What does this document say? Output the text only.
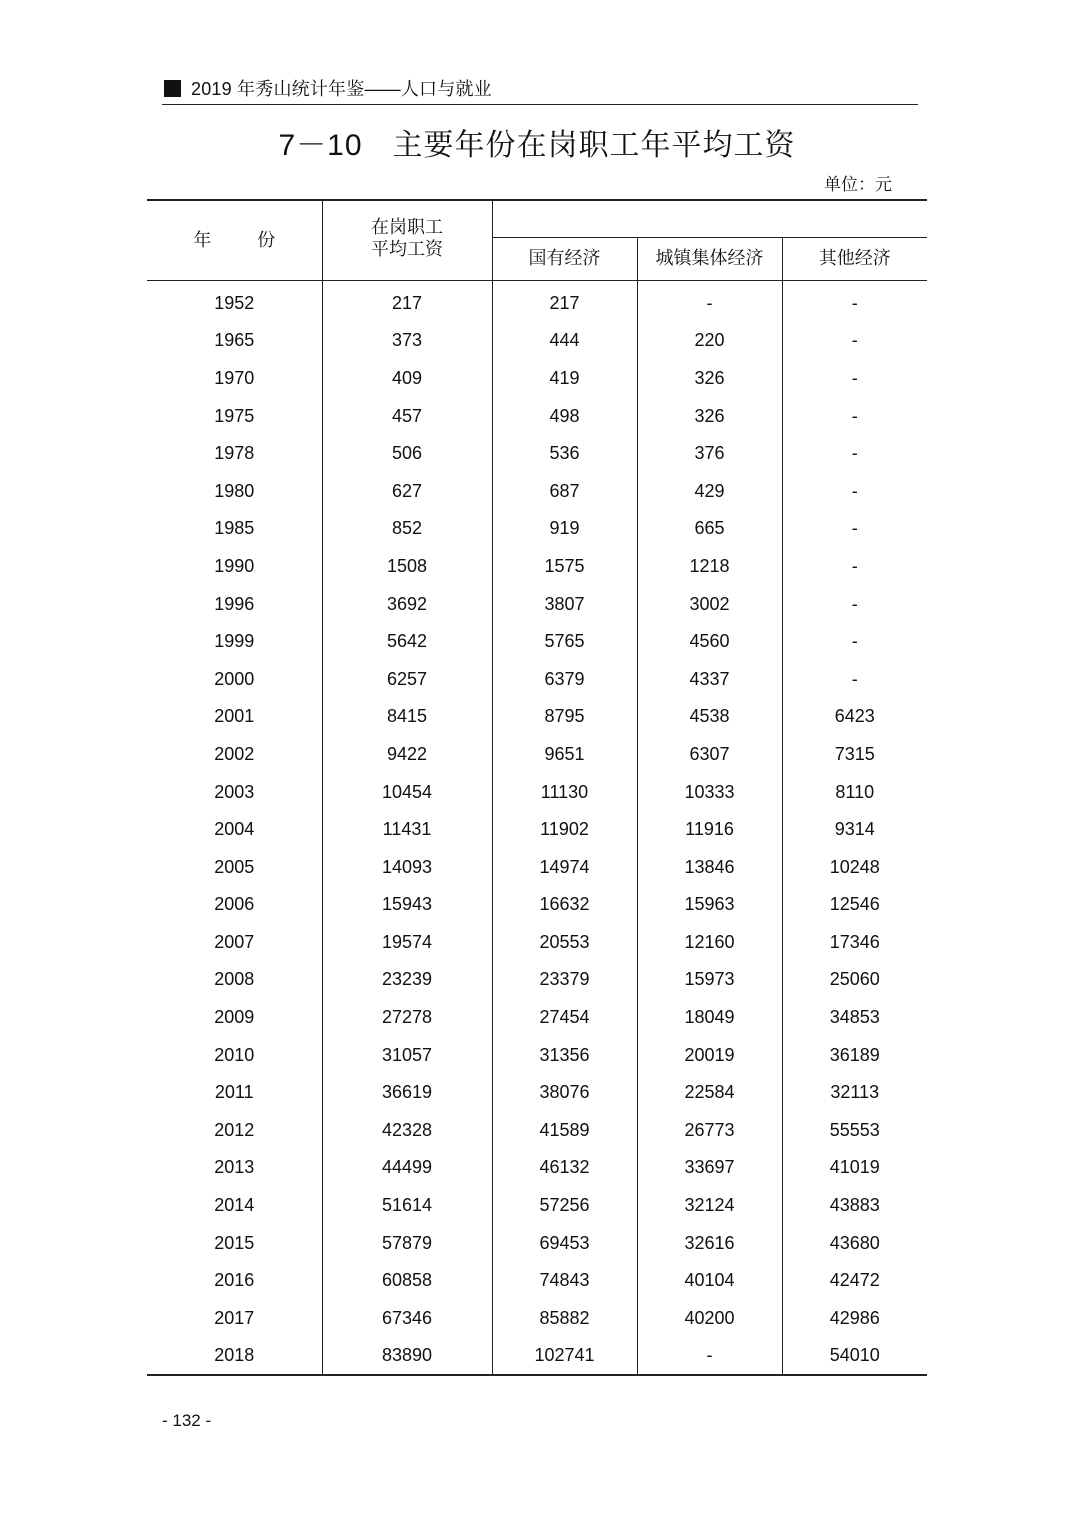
2019 年秀山统计年鉴——人口与就业
7－10 主要年份在岗职工年平均工资
单位：元
年 份	在岗职工
平均工资			

		国有经济	城镇集体经济	其他经济
1952	217	217	-	-
1965	373	444	220	-
1970	409	419	326	-
1975	457	498	326	-
1978	506	536	376	-
1980	627	687	429	-
1985	852	919	665	-
1990	1508	1575	1218	-
1996	3692	3807	3002	-
1999	5642	5765	4560	-
2000	6257	6379	4337	-
2001	8415	8795	4538	6423
2002	9422	9651	6307	7315
2003	10454	11130	10333	8110
2004	11431	11902	11916	9314
2005	14093	14974	13846	10248
2006	15943	16632	15963	12546
2007	19574	20553	12160	17346
2008	23239	23379	15973	25060
2009	27278	27454	18049	34853
2010	31057	31356	20019	36189
2011	36619	38076	22584	32113
2012	42328	41589	26773	55553
2013	44499	46132	33697	41019
2014	51614	57256	32124	43883
2015	57879	69453	32616	43680
2016	60858	74843	40104	42472
2017	67346	85882	40200	42986
2018	83890	102741	-	54010
- 132 -
